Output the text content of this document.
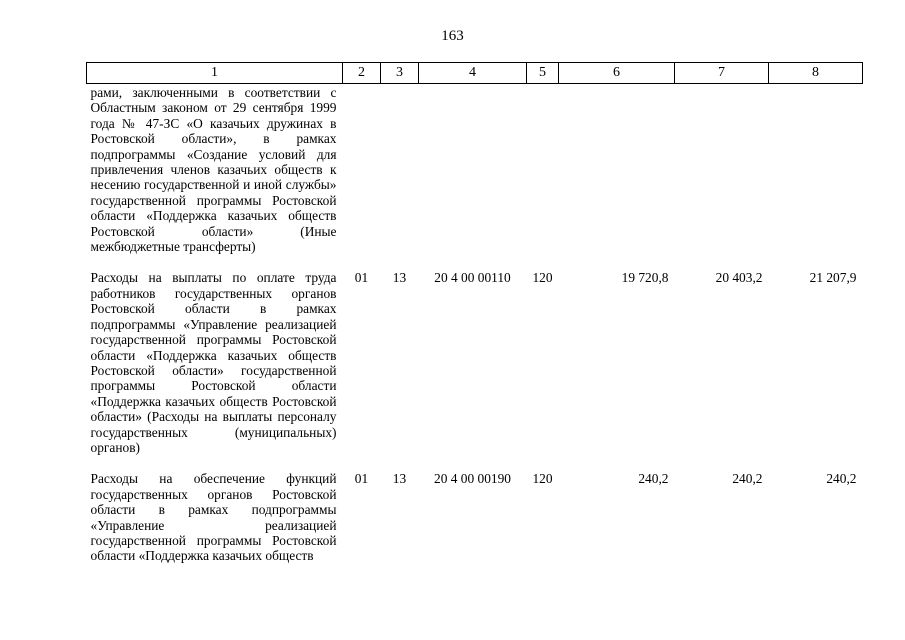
163
1	2	3	4	5	6	7	8

рами, заключенными в соответствии с Областным законом от 29 сентября 1999 года № 47-ЗС «О казачьих дружинах в Ростовской области», в рамках подпрограммы «Создание условий для привлечения членов казачьих обществ к несению государственной и иной службы» государственной программы Ростовской области «Поддержка казачьих обществ Ростовской области» (Иные межбюджетные трансферты)							

Расходы на выплаты по оплате труда работников государственных органов Ростовской области в рамках подпрограммы «Управление реализацией государственной программы Ростовской области «Поддержка казачьих обществ Ростовской области» государственной программы Ростовской области «Поддержка казачьих обществ Ростовской области» (Расходы на выплаты персоналу государственных (муниципальных) органов)	01	13	20 4 00 00110	120	19 720,8	20 403,2	21 207,9

Расходы на обеспечение функций государственных органов Ростовской области в рамках подпрограммы «Управление реализацией государственной программы Ростовской области «Поддержка казачьих обществ	01	13	20 4 00 00190	120	240,2	240,2	240,2
